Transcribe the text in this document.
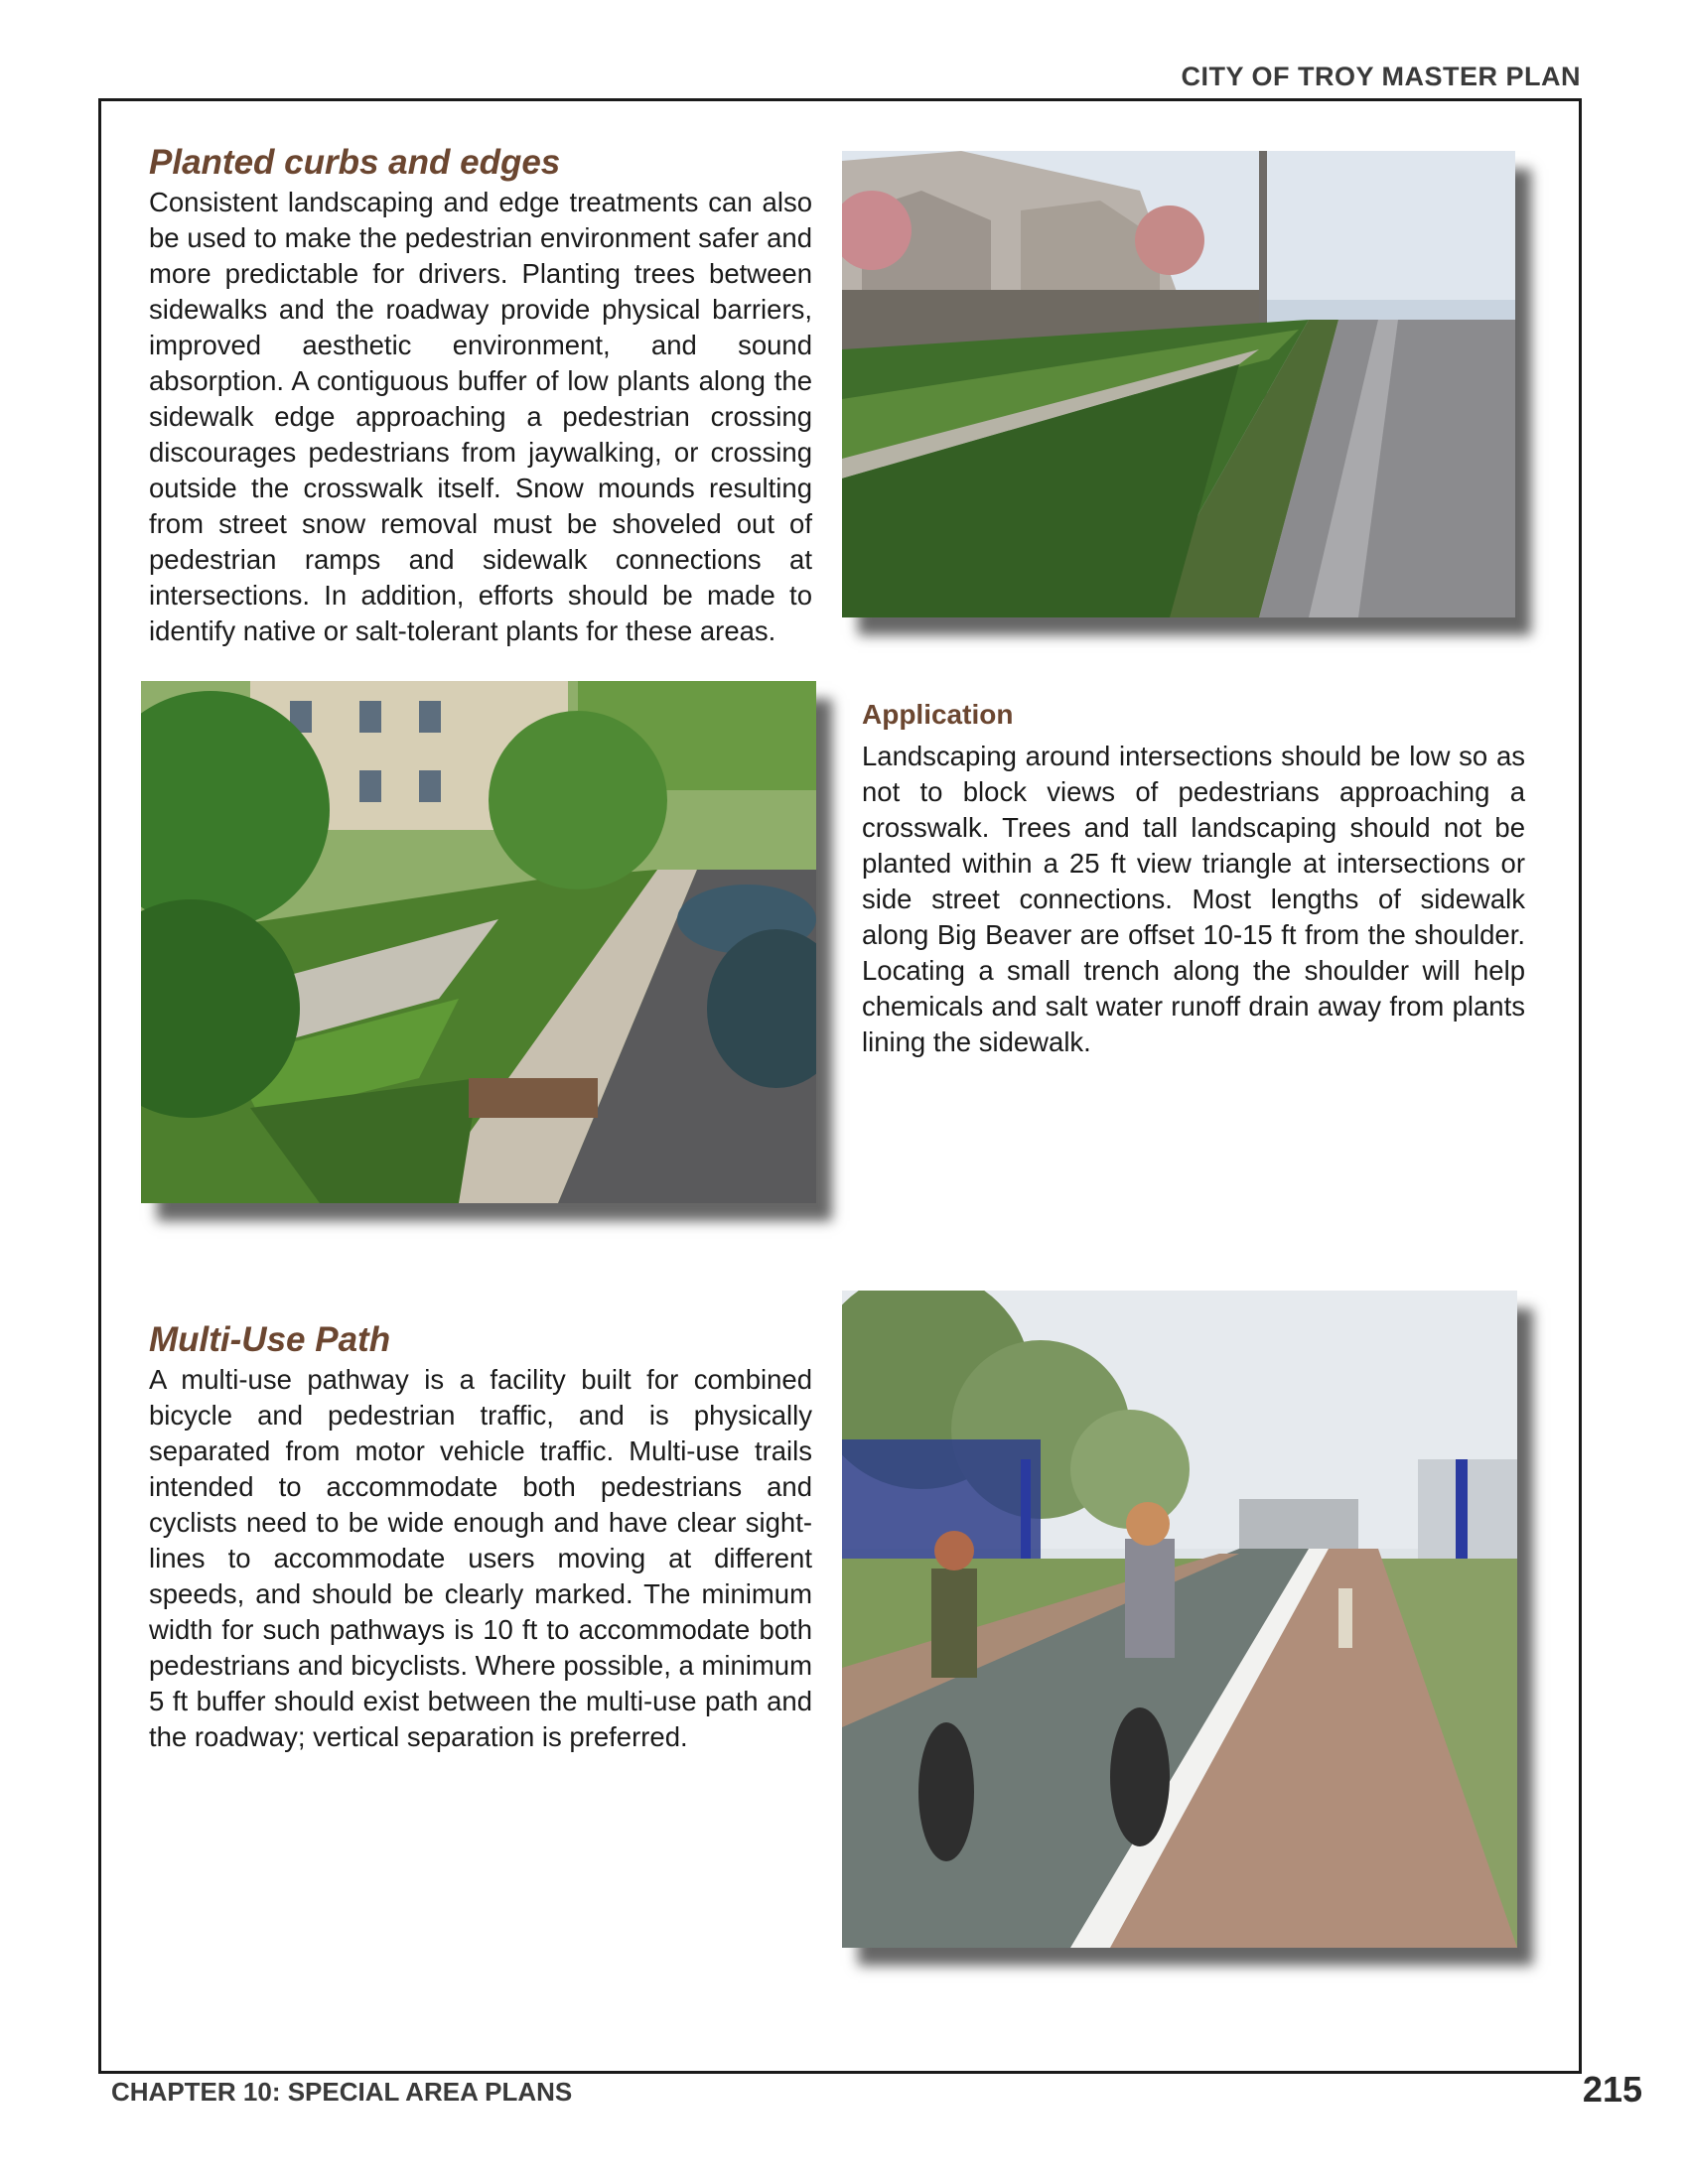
CITY OF TROY MASTER PLAN
Planted curbs and edges

Consistent landscaping and edge treatments can also be used to make the pedestrian environment safer and more predictable for drivers. Planting trees between sidewalks and the roadway provide physical barriers, improved aesthetic environment, and sound absorption. A contiguous buffer of low plants along the sidewalk edge approaching a pedestrian crossing discourages pedestrians from jaywalking, or crossing outside the crosswalk itself. Snow mounds resulting from street snow removal must be shoveled out of pedestrian ramps and sidewalk connections at intersections. In addition, efforts should be made to identify native or salt-tolerant plants for these areas.

Application

Landscaping around intersections should be low so as not to block views of pedestrians approaching a crosswalk. Trees and tall landscaping should not be planted within a 25 ft view triangle at intersections or side street connections. Most lengths of sidewalk along Big Beaver are offset 10-15 ft from the shoulder. Locating a small trench along the shoulder will help chemicals and salt water runoff drain away from plants lining the sidewalk.

Multi-Use Path

A multi-use pathway is a facility built for combined bicycle and pedestrian traffic, and is physically separated from motor vehicle traffic. Multi-use trails intended to accommodate both pedestrians and cyclists need to be wide enough and have clear sight-lines to accommodate users moving at different speeds, and should be clearly marked. The minimum width for such pathways is 10 ft to accommodate both pedestrians and bicyclists. Where possible, a minimum 5 ft buffer should exist between the multi-use path and the roadway; vertical separation is preferred.

CHAPTER 10: SPECIAL AREA PLANS	215
